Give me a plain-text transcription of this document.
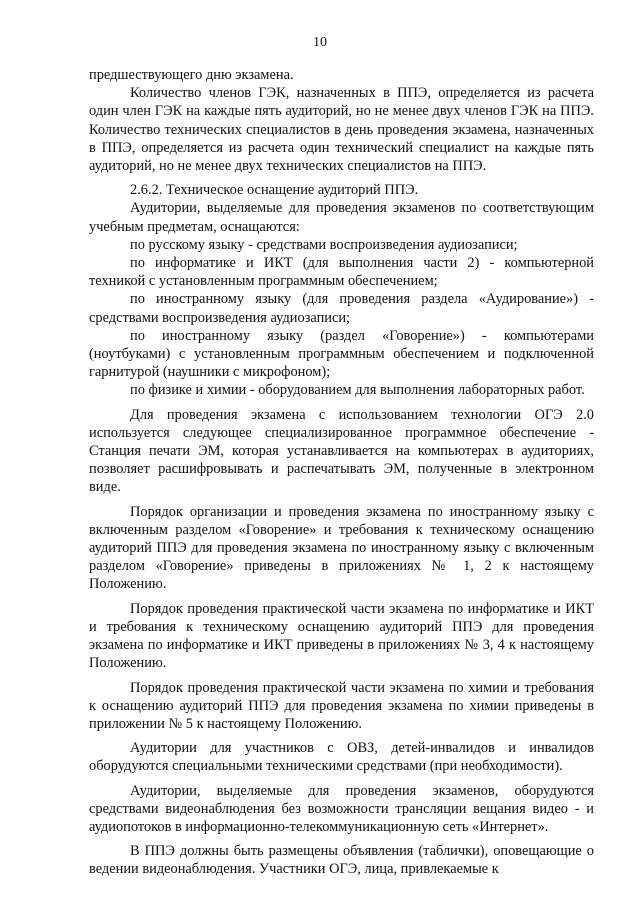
10

предшествующего дню экзамена.

Количество членов ГЭК, назначенных в ППЭ, определяется из расчета один член ГЭК на каждые пять аудиторий, но не менее двух членов ГЭК на ППЭ. Количество технических специалистов в день проведения экзамена, назначенных в ППЭ, определяется из расчета один технический специалист на каждые пять аудиторий, но не менее двух технических специалистов на ППЭ.

2.6.2. Техническое оснащение аудиторий ППЭ.

Аудитории, выделяемые для проведения экзаменов по соответствующим учебным предметам, оснащаются:

по русскому языку - средствами воспроизведения аудиозаписи;

по информатике и ИКТ (для выполнения части 2) - компьютерной техникой с установленным программным обеспечением;

по иностранному языку (для проведения раздела «Аудирование») - средствами воспроизведения аудиозаписи;

по иностранному языку (раздел «Говорение») - компьютерами (ноутбуками) с установленным программным обеспечением и подключенной гарнитурой (наушники с микрофоном);

по физике и химии - оборудованием для выполнения лабораторных работ.

Для проведения экзамена с использованием технологии ОГЭ 2.0 используется следующее специализированное программное обеспечение - Станция печати ЭМ, которая устанавливается на компьютерах в аудиториях, позволяет расшифровывать и распечатывать ЭМ, полученные в электронном виде.

Порядок организации и проведения экзамена по иностранному языку с включенным разделом «Говорение» и требования к техническому оснащению аудиторий ППЭ для проведения экзамена по иностранному языку с включенным разделом «Говорение» приведены в приложениях № 1, 2 к настоящему Положению.

Порядок проведения практической части экзамена по информатике и ИКТ и требования к техническому оснащению аудиторий ППЭ для проведения экзамена по информатике и ИКТ приведены в приложениях № 3, 4 к настоящему Положению.

Порядок проведения практической части экзамена по химии и требования к оснащению аудиторий ППЭ для проведения экзамена по химии приведены в приложении № 5 к настоящему Положению.

Аудитории для участников с ОВЗ, детей-инвалидов и инвалидов оборудуются специальными техническими средствами (при необходимости).

Аудитории, выделяемые для проведения экзаменов, оборудуются средствами видеонаблюдения без возможности трансляции вещания видео - и аудиопотоков в информационно-телекоммуникационную сеть «Интернет».

В ППЭ должны быть размещены объявления (таблички), оповещающие о ведении видеонаблюдения. Участники ОГЭ, лица, привлекаемые к
